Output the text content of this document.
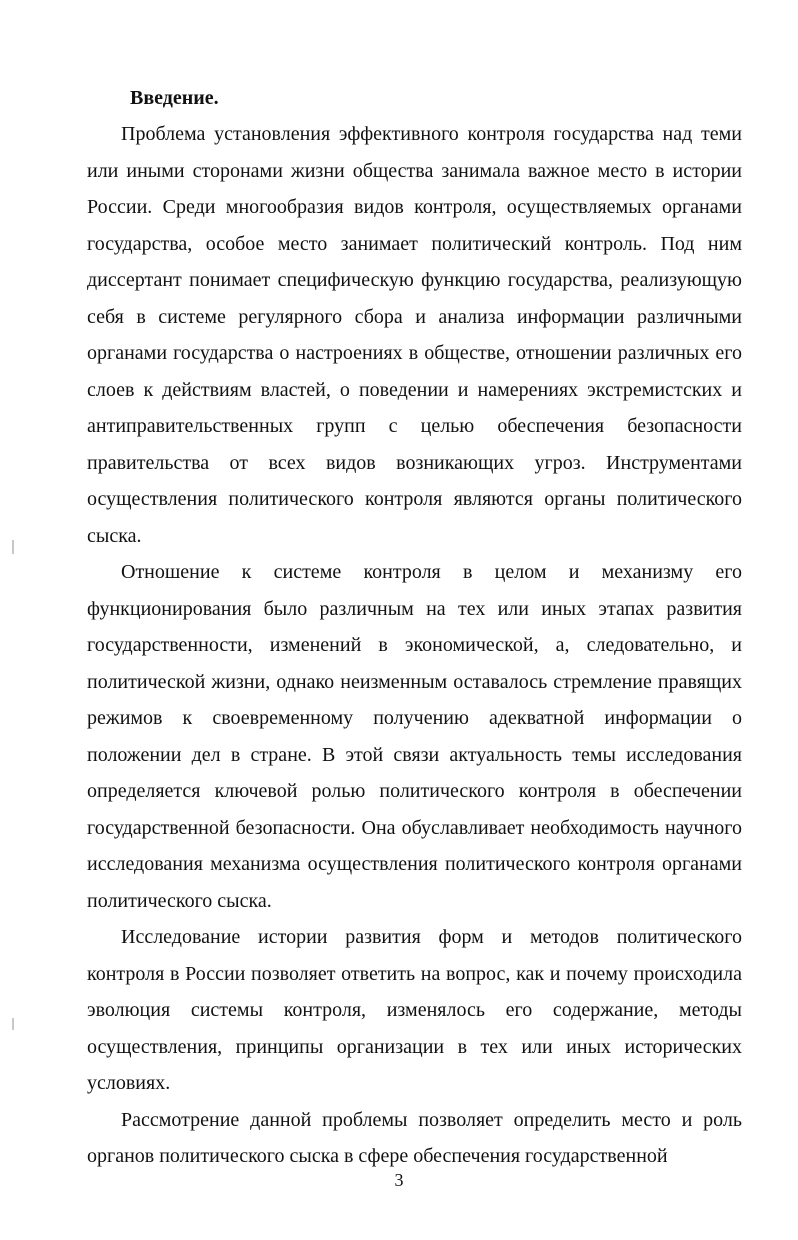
Введение.

Проблема установления эффективного контроля государства над теми или иными сторонами жизни общества занимала важное место в истории России. Среди многообразия видов контроля, осуществляемых органами государства, особое место занимает политический контроль. Под ним диссертант понимает специфическую функцию государства, реализующую себя в системе регулярного сбора и анализа информации различными органами государства о настроениях в обществе, отношении различных его слоев к действиям властей, о поведении и намерениях экстремистских и антиправительственных групп с целью обеспечения безопасности правительства от всех видов возникающих угроз. Инструментами осуществления политического контроля являются органы политического сыска.

Отношение к системе контроля в целом и механизму его функционирования было различным на тех или иных этапах развития государственности, изменений в экономической, а, следовательно, и политической жизни, однако неизменным оставалось стремление правящих режимов к своевременному получению адекватной информации о положении дел в стране. В этой связи актуальность темы исследования определяется ключевой ролью политического контроля в обеспечении государственной безопасности. Она обуславливает необходимость научного исследования механизма осуществления политического контроля органами политического сыска.

Исследование истории развития форм и методов политического контроля в России позволяет ответить на вопрос, как и почему происходила эволюция системы контроля, изменялось его содержание, методы осуществления, принципы организации в тех или иных исторических условиях.

Рассмотрение данной проблемы позволяет определить место и роль органов политического сыска в сфере обеспечения государственной

3
